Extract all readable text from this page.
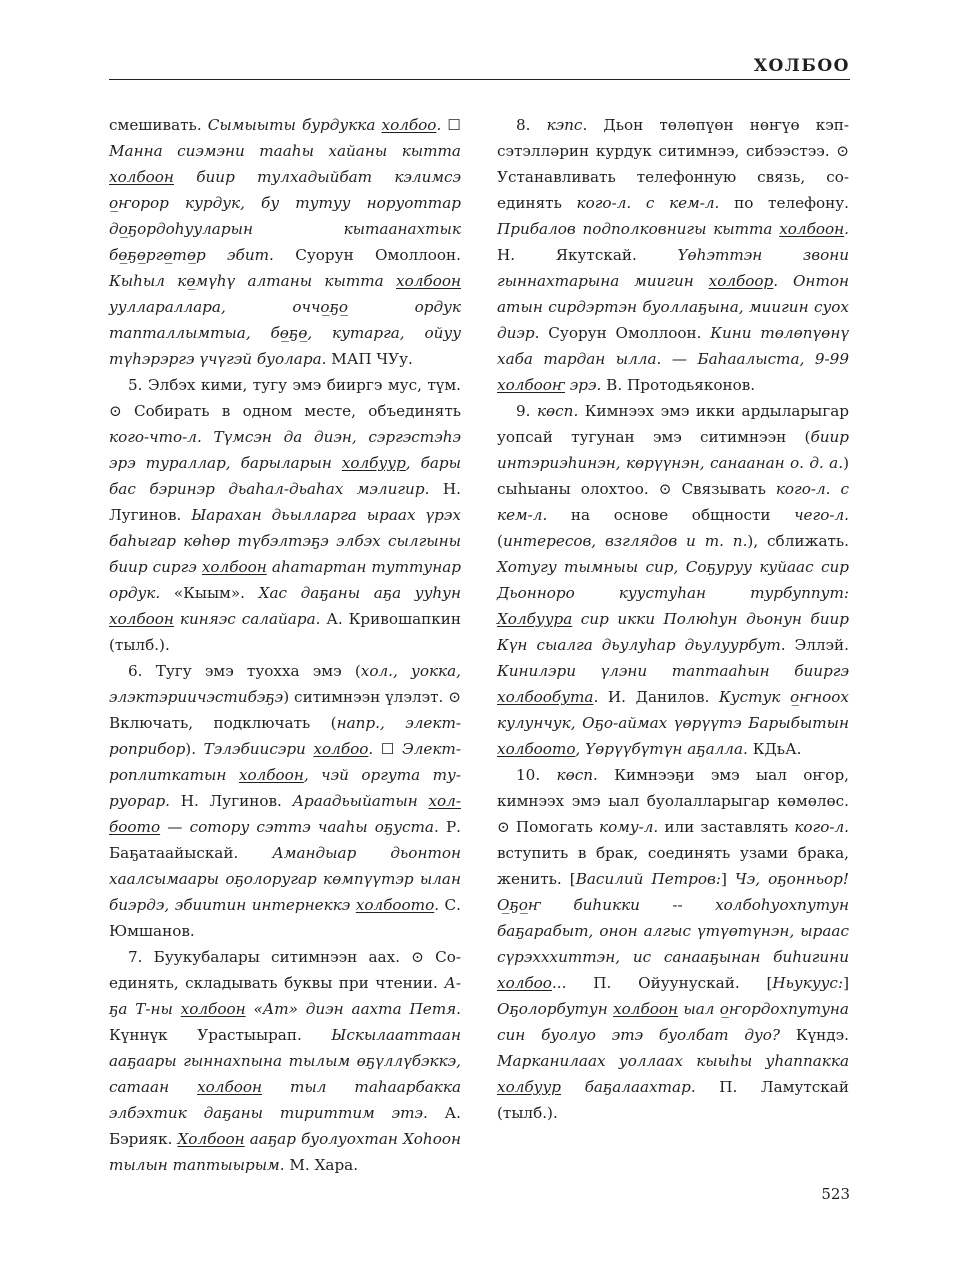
ХОЛБОО

смешивать. Сымыыты бурдукка холбоо. ☐ Манна сиэмэни тааһы хайаны кытта холбоон биир тулхадыйбат кэлимсэ о̲ҥорор курдук, бу тутуу норуоттар до̲ҕордоһууларын кытаанахтык бө̲ҕө̲ргө̲тө̲р эбит. Суорун Омоллоон. Кыһыл кө̲мүһү алтаны кытта холбоон ууллараллара, оччо̲ҕо̲ ордук тапталлымтыа, бө̲ҕө̲, кутарга, ойуу түһэрэргэ үчүгэй буолара. МАП ЧУу.

5. Элбэх кими, тугу эмэ бииргэ мус, түм. ⊙ Собирать в одном месте, объединять кого-что-л. Түмсэн да диэн, сэргэстэһэ эрэ тураллар, барыларын холбуур, бары бас бэринэр дьаһал-дьаһах мэлигир. Н. Лугинов. Ыарахан дьылларга ыраах үрэх баһыгар көһөр түбэлтэҕэ элбэх сылгыны биир сиргэ холбоон аһатартан туттунар ордук. «Кыым». Хас даҕаны аҕа ууһун холбоон киняэс салайара. А. Кривошапкин (тылб.).

6. Тугу эмэ туохха эмэ (хол., уокка, элэктэриичэстибэҕэ) ситимнээн үлэлэт. ⊙ Включать, подключать (напр., электроприбор). Тэлэбиисэри холбоо. ☐ Электроплиткатын холбоон, чэй оргута туруорар. Н. Лугинов. Араадьыйатын холбоото — сотору сэттэ чааһы оҕуста. Р. Баҕатаайыскай. Амандыар дьонтон хаалсымаары оҕолоругар көмпүүтэр ылан биэрдэ, эбиитин интернеккэ холбоото. С. Юмшанов.

7. Буукубалары ситимнээн аах. ⊙ Соединять, складывать буквы при чтении. А-ҕа Т-ны холбоон «Ат» диэн аахта Петя. Күннүк Урастыырап. Ыскылааттаан ааҕаары гыннахпына тылым өҕүллүбэккэ, сатаан холбоон тыл таһаарбакка элбэхтик даҕаны тириттим этэ. А. Бэрияк. Холбоон ааҕар буолуохтан Хоһоон тылын таптыырым. М. Хара.

8. кэпс. Дьон төлөпүөн нөҥүө кэпсэтэлләрин курдук ситимнээ, сибээстээ. ⊙ Устанавливать телефонную связь, соединять кого-л. с кем-л. по телефону. Прибалов подполковнигы кытта холбоон. Н. Якутскай. Үөһэттэн звони гыннахтарына миигин холбоор. Онтон атын сирдэртэн буоллаҕына, миигин суох диэр. Суорун Омоллоон. Кини төлөпүөнү хаба тардан ылла. — Баһаалыста, 9-99 холбооҥ эрэ. В. Протодьяконов.

9. көсп. Кимнээх эмэ икки ардыларыгар уопсай тугунан эмэ ситимнээн (биир интэриэһинэн, көрүүнэн, санаанан о. д. а.) сыһыаны олохтоо. ⊙ Связывать кого-л. с кем-л. на основе общности чего-л. (интересов, взглядов и т. п.), сближать. Хотугу тымныы сир, Соҕуруу куйаас сир Дьонноро куустуһан турбуппут: Холбуура сир икки Полюһун дьонун биир Күн сыалга дьулуһар дьулуурбут. Эллэй. Кинилэри үлэни таптааһын бииргэ холбообута. И. Данилов. Кустук о̲ҥноох кулунчук, Оҕо-аймах үөрүүтэ Барыбытын холбоото, Үөрүүбүтүн аҕалла. КДьА.

10. көсп. Кимнээҕи эмэ ыал оҥор, кимнээх эмэ ыал буолалларыгар көмөлөс. ⊙ Помогать кому-л. или заставлять кого-л. вступить в брак, соединять узами брака, женить. [Василий Петров:] Чэ, оҕонньор! О̲ҕо̲ҥ биһикки -- холбоһуохпутун баҕарабыт, онон алгыс үтүөтүнэн, ыраас сүрэхххиттэн, ис санааҕынан биһигини холбоо... П. Ойуунускай. [Ньукуус:] Оҕолорбутун холбоон ыал о̲ҥордохпутуна син буолуо этэ буолбат дуо? Күндэ. Марканилаах уоллаах кыыһы уһаппакка холбуур баҕалаахтар. П. Ламутскай (тылб.).

523
